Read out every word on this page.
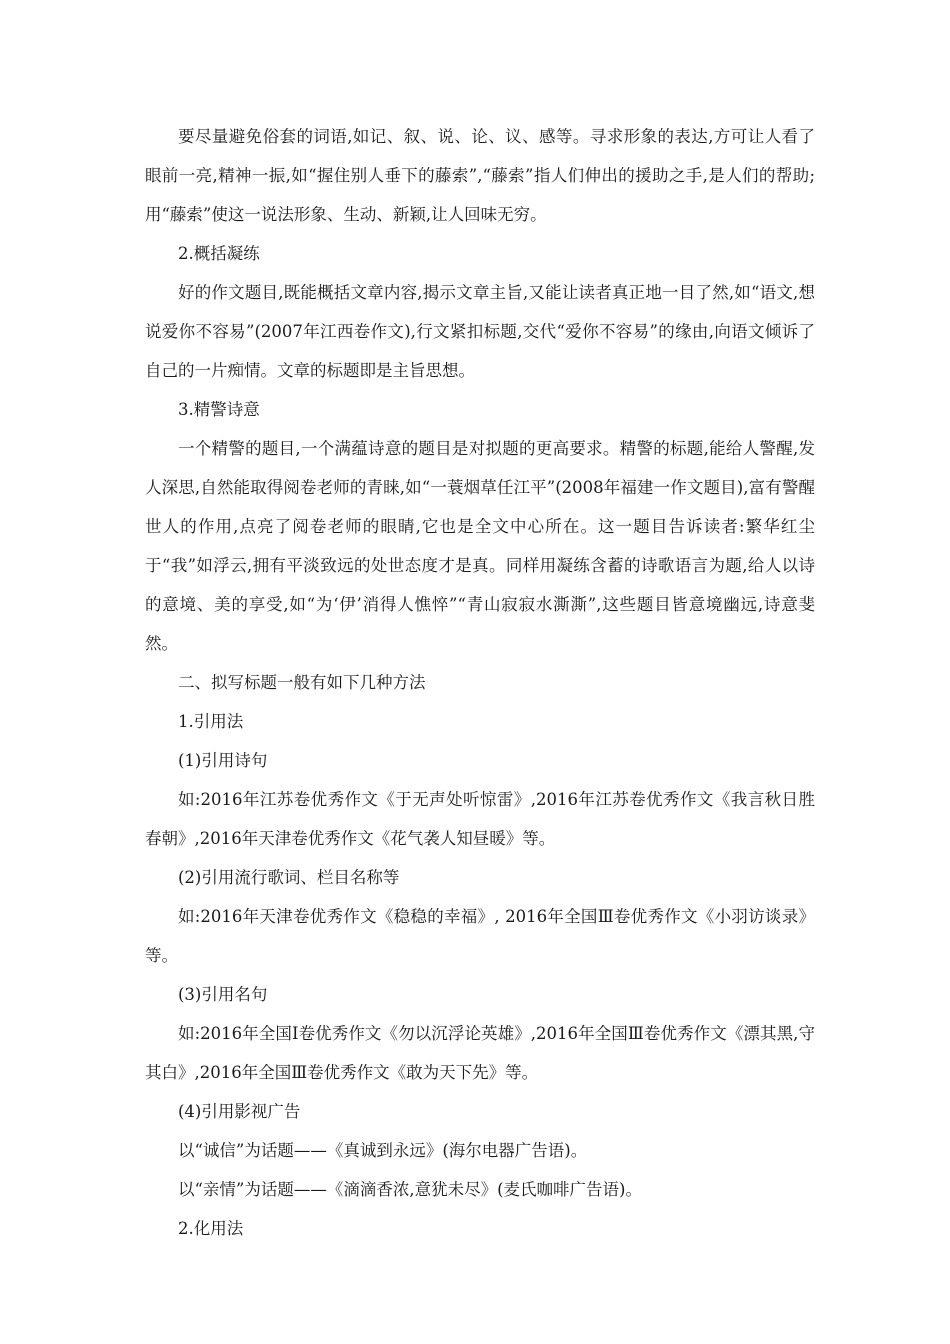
要尽量避免俗套的词语,如记、叙、说、论、议、感等。寻求形象的表达,方可让人看了眼前一亮,精神一振,如“握住别人垂下的藤索”,“藤索”指人们伸出的援助之手,是人们的帮助;用“藤索”使这一说法形象、生动、新颖,让人回味无穷。

2.概括凝练

好的作文题目,既能概括文章内容,揭示文章主旨,又能让读者真正地一目了然,如“语文,想说爱你不容易”(2007年江西卷作文),行文紧扣标题,交代“爱你不容易”的缘由,向语文倾诉了自己的一片痴情。文章的标题即是主旨思想。

3.精警诗意

一个精警的题目,一个满蕴诗意的题目是对拟题的更高要求。精警的标题,能给人警醒,发人深思,自然能取得阅卷老师的青睐,如“一蓑烟草任江平”(2008年福建一作文题目),富有警醒世人的作用,点亮了阅卷老师的眼睛,它也是全文中心所在。这一题目告诉读者:繁华红尘于“我”如浮云,拥有平淡致远的处世态度才是真。同样用凝练含蓄的诗歌语言为题,给人以诗的意境、美的享受,如“为‘伊’消得人憔悴”“青山寂寂水澌澌”,这些题目皆意境幽远,诗意斐然。

二、拟写标题一般有如下几种方法

1.引用法

(1)引用诗句

如:2016年江苏卷优秀作文《于无声处听惊雷》,2016年江苏卷优秀作文《我言秋日胜春朝》,2016年天津卷优秀作文《花气袭人知昼暖》等。

(2)引用流行歌词、栏目名称等

如:2016年天津卷优秀作文《稳稳的幸福》, 2016年全国Ⅲ卷优秀作文《小羽访谈录》等。

(3)引用名句

如:2016年全国Ⅰ卷优秀作文《勿以沉浮论英雄》,2016年全国Ⅲ卷优秀作文《漂其黑,守其白》,2016年全国Ⅲ卷优秀作文《敢为天下先》等。

(4)引用影视广告

以“诚信”为话题——《真诚到永远》(海尔电器广告语)。

以“亲情”为话题——《滴滴香浓,意犹未尽》(麦氏咖啡广告语)。

2.化用法
